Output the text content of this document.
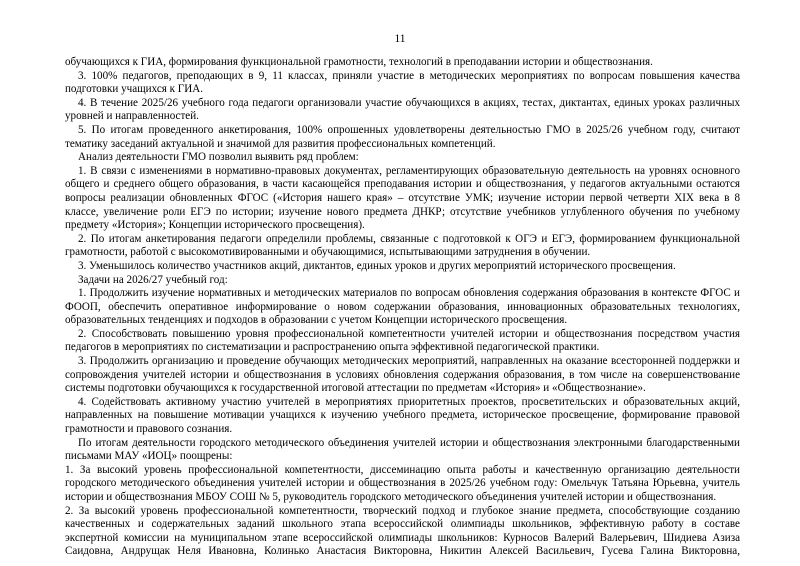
11
обучающихся к ГИА, формирования функциональной грамотности, технологий в преподавании истории и обществознания.
3. 100% педагогов, преподающих в 9, 11 классах, приняли участие в методических мероприятиях по вопросам повышения качества
подготовки учащихся к ГИА.
4. В течение 2025/26 учебного года педагоги организовали участие обучающихся в акциях, тестах, диктантах, единых уроках различных
уровней и направленностей.
5. По итогам проведенного анкетирования, 100% опрошенных удовлетворены деятельностью ГМО в 2025/26 учебном году, считают
тематику заседаний актуальной и значимой для развития профессиональных компетенций.
Анализ деятельности ГМО позволил выявить ряд проблем:
1. В связи с изменениями в нормативно-правовых документах, регламентирующих образовательную деятельность на уровнях основного
общего и среднего общего образования, в части касающейся преподавания истории и обществознания, у педагогов актуальными остаются
вопросы реализации обновленных ФГОС («История нашего края» – отсутствие УМК; изучение истории первой четверти XIX века в 8
классе, увеличение роли ЕГЭ по истории; изучение нового предмета ДНКР; отсутствие учебников углубленного обучения по учебному
предмету «История»; Концепции исторического просвещения).
2. По итогам анкетирования педагоги определили проблемы, связанные с подготовкой к ОГЭ и ЕГЭ, формированием функциональной
грамотности, работой с высокомотивированными и обучающимися, испытывающими затруднения в обучении.
3. Уменьшилось количество участников акций, диктантов, единых уроков и других мероприятий исторического просвещения.
Задачи на 2026/27 учебный год:
1. Продолжить изучение нормативных и методических материалов по вопросам обновления содержания образования в контексте ФГОС и
ФООП, обеспечить оперативное информирование о новом содержании образования, инновационных образовательных технологиях,
образовательных тенденциях и подходов в образовании с учетом Концепции исторического просвещения.
2. Способствовать повышению уровня профессиональной компетентности учителей истории и обществознания посредством участия
педагогов в мероприятиях по систематизации и распространению опыта эффективной педагогической практики.
3. Продолжить организацию и проведение обучающих методических мероприятий, направленных на оказание всесторонней поддержки и
сопровождения учителей истории и обществознания в условиях обновления содержания образования, в том числе на совершенствование
системы подготовки обучающихся к государственной итоговой аттестации по предметам «История» и «Обществознание».
4. Содействовать активному участию учителей в мероприятиях приоритетных проектов, просветительских и образовательных акций,
направленных на повышение мотивации учащихся к изучению учебного предмета, историческое просвещение, формирование правовой
грамотности и правового сознания.
По итогам деятельности городского методического объединения учителей истории и обществознания электронными благодарственными
письмами МАУ «ИОЦ» поощрены:
1. За высокий уровень профессиональной компетентности, диссеминацию опыта работы и качественную организацию деятельности
городского методического объединения учителей истории и обществознания в 2025/26 учебном году: Омельчук Татьяна Юрьевна, учитель
истории и обществознания МБОУ СОШ № 5, руководитель городского методического объединения учителей истории и обществознания.
2. За высокий уровень профессиональной компетентности, творческий подход и глубокое знание предмета, способствующие созданию
качественных и содержательных заданий школьного этапа всероссийской олимпиады школьников, эффективную работу в составе
экспертной комиссии на муниципальном этапе всероссийской олимпиады школьников: Курносов Валерий Валерьевич, Шидиева Азиза
Саидовна, Андрущак Неля Ивановна, Колинько Анастасия Викторовна, Никитин Алексей Васильевич, Гусева Галина Викторовна,
